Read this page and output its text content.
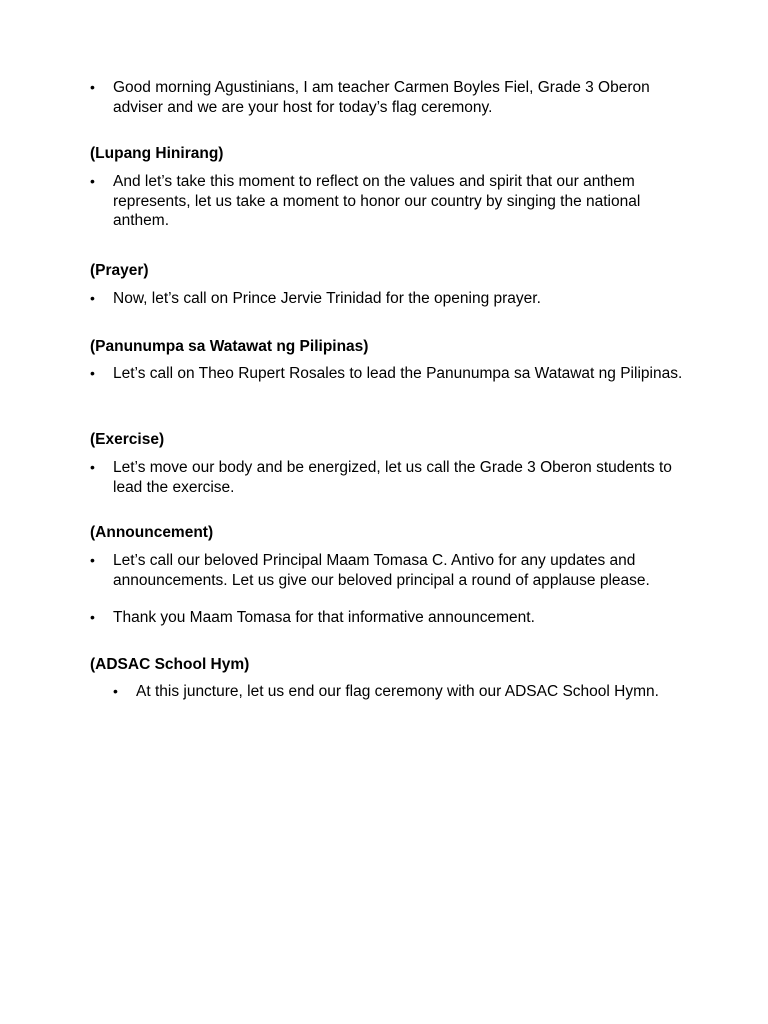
•	Good morning Agustinians, I am teacher Carmen Boyles Fiel, Grade 3 Oberon adviser and we are your host for today’s flag ceremony.

(Lupang Hinirang)

•	And let’s take this moment to reflect on the values and spirit that our anthem represents, let us take a moment to honor our country by singing the national anthem.

(Prayer)

•	Now, let’s call on Prince Jervie Trinidad for the opening prayer.

(Panunumpa sa Watawat ng Pilipinas)

•	Let’s call on Theo Rupert Rosales to lead the Panunumpa sa Watawat ng Pilipinas.

(Exercise)

•	Let’s move our body and be energized, let us call the Grade 3 Oberon students to lead the exercise.

(Announcement)

•	Let’s call our beloved Principal Maam Tomasa C. Antivo for any updates and announcements. Let us give our beloved principal a round of applause please.
•	Thank you Maam Tomasa for that informative announcement.

(ADSAC School Hym)

•	At this juncture, let us end our flag ceremony with our ADSAC School Hymn.
